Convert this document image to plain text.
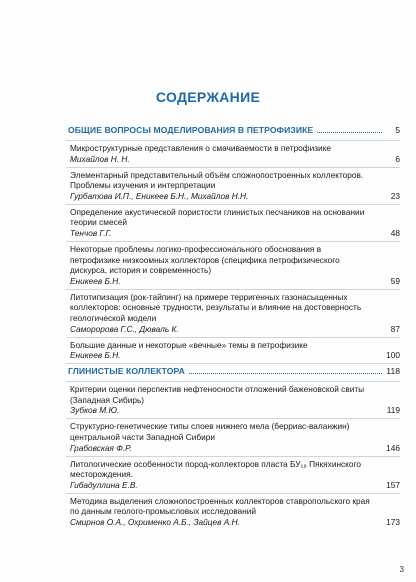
СОДЕРЖАНИЕ
ОБЩИЕ ВОПРОСЫ МОДЕЛИРОВАНИЯ В ПЕТРОФИЗИКЕ	5
Микроструктурные представления о смачиваемости в петрофизике
Михайлов Н. Н.	6
Элементарный представительный объём сложнопостроенных коллекторов. Проблемы изучения и интерпретации
Гурбатова И.П., Еникеев Б.Н., Михайлов Н.Н.	23
Определение акустической пористости глинистых песчаников на основании теории смесей
Тенчов Г.Г.	48
Некоторые проблемы логико-профессионального обоснования в петрофизике низкоомных коллекторов (специфика петрофизического дискурса, история и современность)
Еникеев Б.Н.	59
Литотипизация (рок-тайпинг) на примере терригенных газонасыщенных коллекторов: основные трудности, результаты и влияние на достоверность геологической модели
Саморорова Г.С., Дюваль К.	87
Большие данные и некоторые «вечные» темы в петрофизике
Еникеев Б.Н.	100
ГЛИНИСТЫЕ КОЛЛЕКТОРА	118
Критерии оценки перспектив нефтеносности отложений баженовской свиты (Западная Сибирь)
Зубков М.Ю.	119
Структурно-генетические типы слоев нижнего мела (берриас-валанжин) центральной части Западной Сибири
Грабовская Ф.Р.	146
Литологические особенности пород-коллекторов пласта БУ₁₈ Пякяхинского месторождения.
Гибадуллина Е.В.	157
Методика выделения сложнопостроенных коллекторов ставропольского края по данным геолого-промысловых исследований
Смирнов О.А., Охрименко А.Б., Зайцев А.Н.	173
3
